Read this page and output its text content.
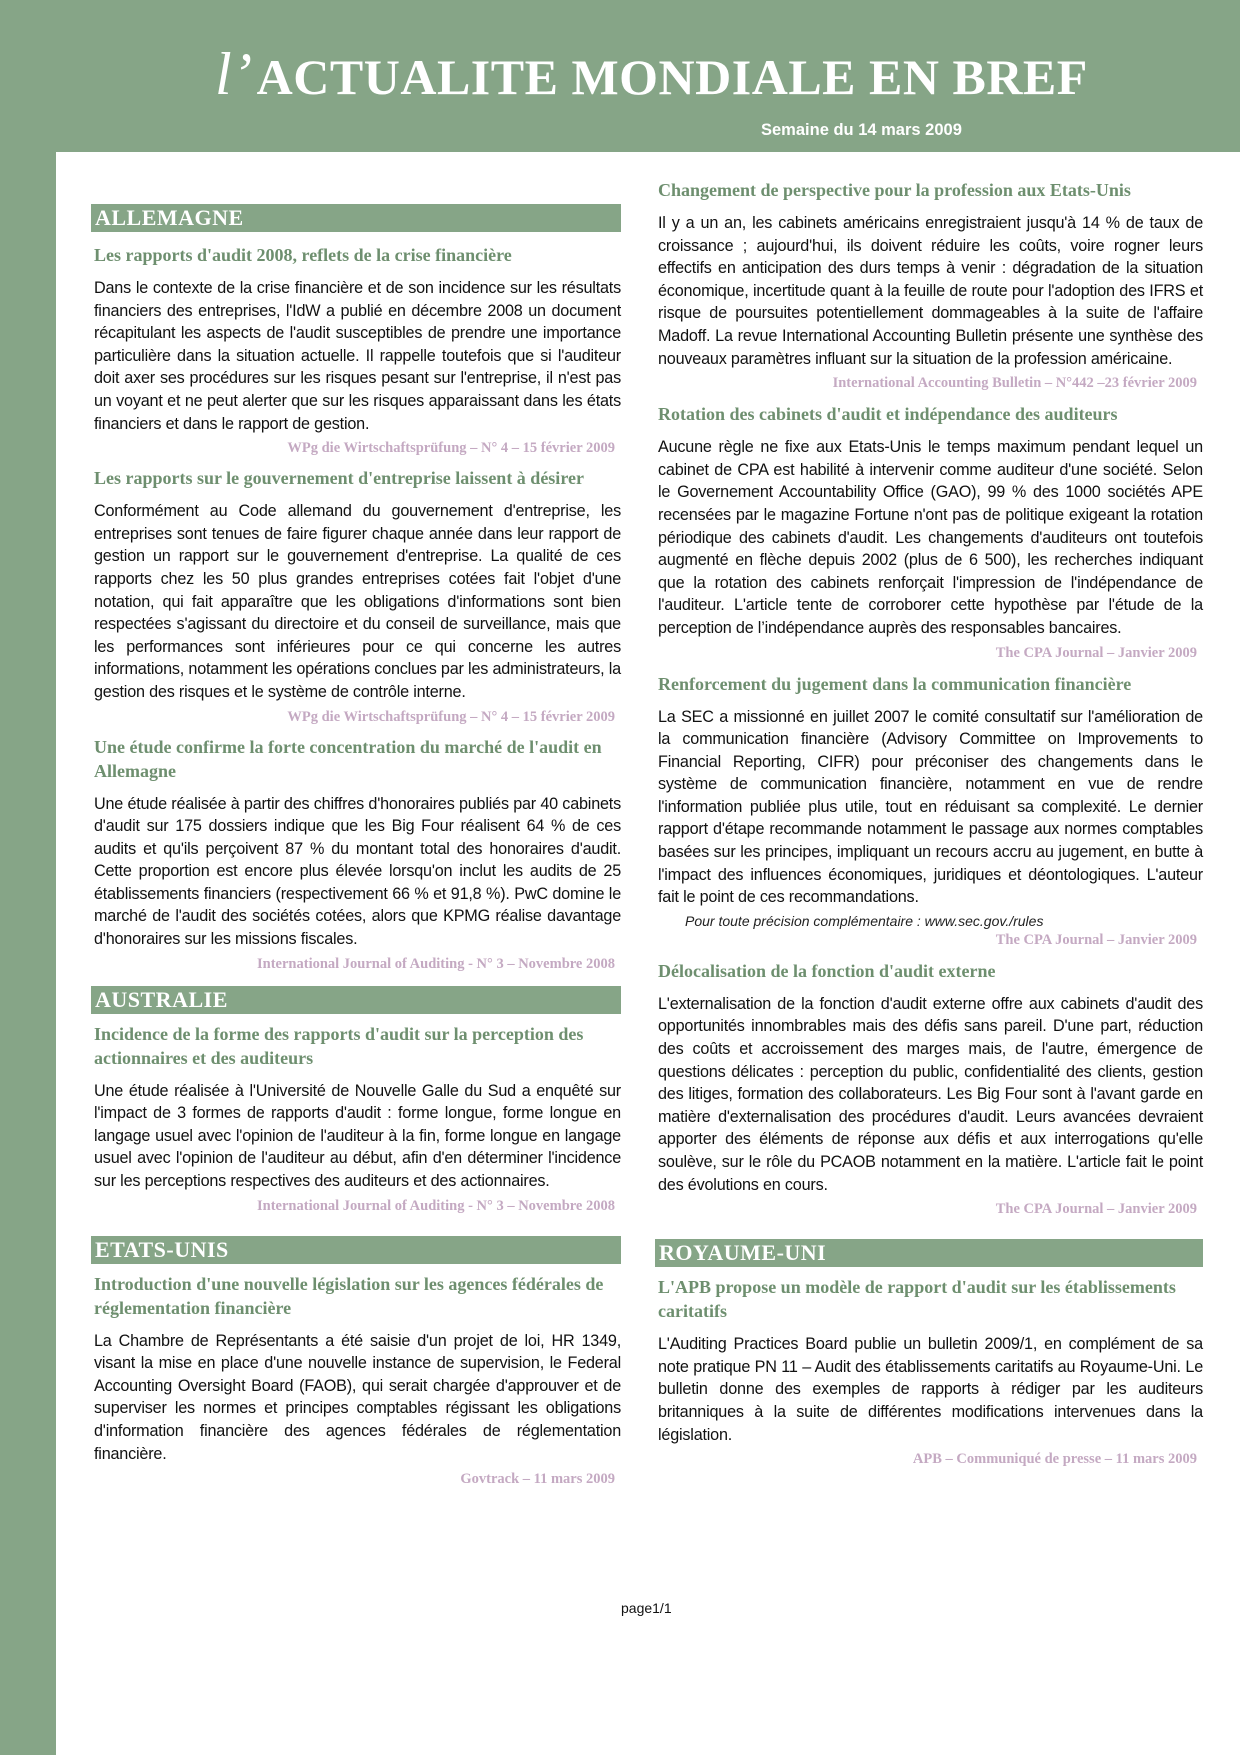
l’ACTUALITE MONDIALE EN BREF
Semaine du 14 mars 2009
ALLEMAGNE
Les rapports d'audit 2008, reflets de la crise financière
Dans le contexte de la crise financière et de son incidence sur les résultats financiers des entreprises, l'IdW a publié en décembre 2008 un document récapitulant les aspects de l'audit susceptibles de prendre une importance particulière dans la situation actuelle. Il rappelle toutefois que si l'auditeur doit axer ses procédures sur les risques pesant sur l'entreprise, il n'est pas un voyant et ne peut alerter que sur les risques apparaissant dans les états financiers et dans le rapport de gestion.
WPg die Wirtschaftsprüfung – N° 4 – 15 février 2009
Les rapports sur le gouvernement d'entreprise laissent à désirer
Conformément au Code allemand du gouvernement d'entreprise, les entreprises sont tenues de faire figurer chaque année dans leur rapport de gestion un rapport sur le gouvernement d'entreprise. La qualité de ces rapports chez les 50 plus grandes entreprises cotées fait l'objet d'une notation, qui fait apparaître que les obligations d'informations sont bien respectées s'agissant du directoire et du conseil de surveillance, mais que les performances sont inférieures pour ce qui concerne les autres informations, notamment les opérations conclues par les administrateurs, la gestion des risques et le système de contrôle interne.
WPg die Wirtschaftsprüfung – N° 4 – 15 février 2009
Une étude confirme la forte concentration du marché de l'audit en Allemagne
Une étude réalisée à partir des chiffres d'honoraires publiés par 40 cabinets d'audit sur 175 dossiers indique que les Big Four réalisent 64 % de ces audits et qu'ils perçoivent 87 % du montant total des honoraires d'audit. Cette proportion est encore plus élevée lorsqu'on inclut les audits de 25 établissements financiers (respectivement 66 % et 91,8 %). PwC domine le marché de l'audit des sociétés cotées, alors que KPMG réalise davantage d'honoraires sur les missions fiscales.
International Journal of Auditing - N° 3 – Novembre 2008
AUSTRALIE
Incidence de la forme des rapports d'audit sur la perception des actionnaires et des auditeurs
Une étude réalisée à l'Université de Nouvelle Galle du Sud a enquêté sur l'impact de 3 formes de rapports d'audit : forme longue, forme longue en langage usuel avec l'opinion de l'auditeur à la fin, forme longue en langage usuel avec l'opinion de l'auditeur au début, afin d'en déterminer l'incidence sur les perceptions respectives des auditeurs et des actionnaires.
International Journal of Auditing - N° 3 – Novembre 2008
ETATS-UNIS
Introduction d'une nouvelle législation sur les agences fédérales de réglementation financière
La Chambre de Représentants a été saisie d'un projet de loi, HR 1349, visant la mise en place d'une nouvelle instance de supervision, le Federal Accounting Oversight Board (FAOB), qui serait chargée d'approuver et de superviser les normes et principes comptables régissant les obligations d'information financière des agences fédérales de réglementation financière.
Govtrack – 11 mars 2009
Changement de perspective pour la profession aux Etats-Unis
Il y a un an, les cabinets américains enregistraient jusqu'à 14 % de taux de croissance ; aujourd'hui, ils doivent réduire les coûts, voire rogner leurs effectifs en anticipation des durs temps à venir : dégradation de la situation économique, incertitude quant à la feuille de route pour l'adoption des IFRS et risque de poursuites potentiellement dommageables à la suite de l'affaire Madoff. La revue International Accounting Bulletin présente une synthèse des nouveaux paramètres influant sur la situation de la profession américaine.
International Accounting Bulletin – N°442 –23 février 2009
Rotation des cabinets d'audit et indépendance des auditeurs
Aucune règle ne fixe aux Etats-Unis le temps maximum pendant lequel un cabinet de CPA est habilité à intervenir comme auditeur d'une société. Selon le Governement Accountability Office (GAO), 99 % des 1000 sociétés APE recensées par le magazine Fortune n'ont pas de politique exigeant la rotation périodique des cabinets d'audit. Les changements d'auditeurs ont toutefois augmenté en flèche depuis 2002 (plus de 6 500), les recherches indiquant que la rotation des cabinets renforçait l'impression de l'indépendance de l'auditeur. L'article tente de corroborer cette hypothèse par l'étude de la perception de l’indépendance auprès des responsables bancaires.
The CPA Journal – Janvier 2009
Renforcement du jugement dans la communication financière
La SEC a missionné en juillet 2007 le comité consultatif sur l'amélioration de la communication financière (Advisory Committee on Improvements to Financial Reporting, CIFR) pour préconiser des changements dans le système de communication financière, notamment en vue de rendre l'information publiée plus utile, tout en réduisant sa complexité. Le dernier rapport d'étape recommande notamment le passage aux normes comptables basées sur les principes, impliquant un recours accru au jugement, en butte à l'impact des influences économiques, juridiques et déontologiques. L'auteur fait le point de ces recommandations.
Pour toute précision complémentaire : www.sec.gov./rules
The CPA Journal – Janvier 2009
Délocalisation de la fonction d'audit externe
L'externalisation de la fonction d'audit externe offre aux cabinets d'audit des opportunités innombrables mais des défis sans pareil. D'une part, réduction des coûts et accroissement des marges mais, de l'autre, émergence de questions délicates : perception du public, confidentialité des clients, gestion des litiges, formation des collaborateurs. Les Big Four sont à l'avant garde en matière d'externalisation des procédures d'audit. Leurs avancées devraient apporter des éléments de réponse aux défis et aux interrogations qu'elle soulève, sur le rôle du PCAOB notamment en la matière. L'article fait le point des évolutions en cours.
The CPA Journal – Janvier 2009
ROYAUME-UNI
L'APB propose un modèle de rapport d'audit sur les établissements caritatifs
L'Auditing Practices Board publie un bulletin 2009/1, en complément de sa note pratique PN 11 – Audit des établissements caritatifs au Royaume-Uni. Le bulletin donne des exemples de rapports à rédiger par les auditeurs britanniques à la suite de différentes modifications intervenues dans la législation.
APB – Communiqué de presse – 11 mars 2009
page1/1
